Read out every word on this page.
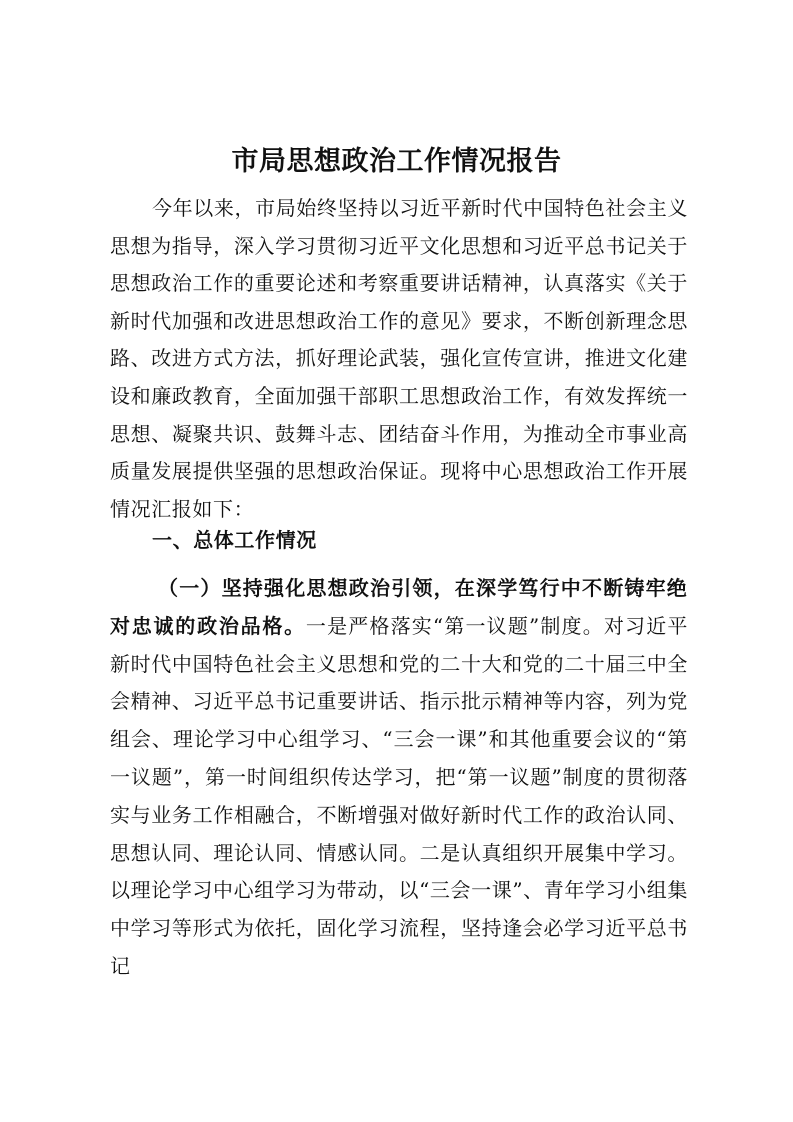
市局思想政治工作情况报告

今年以来，市局始终坚持以习近平新时代中国特色社会主义思想为指导，深入学习贯彻习近平文化思想和习近平总书记关于思想政治工作的重要论述和考察重要讲话精神，认真落实《关于新时代加强和改进思想政治工作的意见》要求，不断创新理念思路、改进方式方法，抓好理论武装，强化宣传宣讲，推进文化建设和廉政教育，全面加强干部职工思想政治工作，有效发挥统一思想、凝聚共识、鼓舞斗志、团结奋斗作用，为推动全市事业高质量发展提供坚强的思想政治保证。现将中心思想政治工作开展情况汇报如下：

一、总体工作情况

（一）坚持强化思想政治引领，在深学笃行中不断铸牢绝对忠诚的政治品格。一是严格落实“第一议题”制度。对习近平新时代中国特色社会主义思想和党的二十大和党的二十届三中全会精神、习近平总书记重要讲话、指示批示精神等内容，列为党组会、理论学习中心组学习、“三会一课”和其他重要会议的“第一议题”，第一时间组织传达学习，把“第一议题”制度的贯彻落实与业务工作相融合，不断增强对做好新时代工作的政治认同、思想认同、理论认同、情感认同。二是认真组织开展集中学习。以理论学习中心组学习为带动，以“三会一课”、青年学习小组集中学习等形式为依托，固化学习流程，坚持逢会必学习近平总书记
